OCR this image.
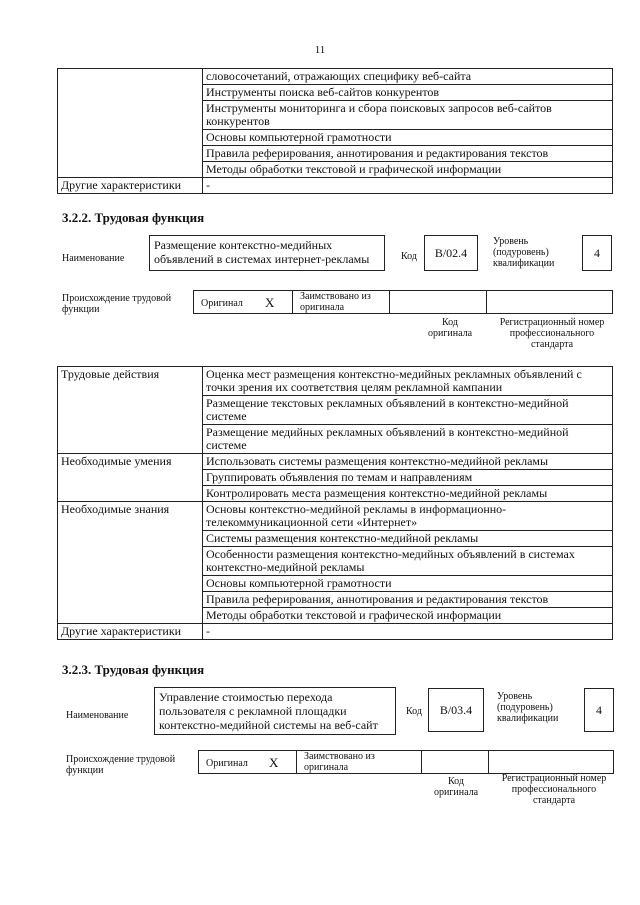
11
	словосочетаний, отражающих специфику веб-сайта
	Инструменты поиска веб-сайтов конкурентов
	Инструменты мониторинга и сбора поисковых запросов веб-сайтов конкурентов
	Основы компьютерной грамотности
	Правила реферирования, аннотирования и редактирования текстов
	Методы обработки текстовой и графической информации
Другие характеристики	-
3.2.2. Трудовая функция
Наименование
Размещение контекстно-медийных объявлений в системах интернет-рекламы	Код	B/02.4
Уровень (подуровень) квалификации
4
Происхождение трудовой функции
Оригинал X	Заимствовано из оригинала
Код оригинала
Регистрационный номер профессионального стандарта
Трудовые действия	Оценка мест размещения контекстно-медийных рекламных объявлений с точки зрения их соответствия целям рекламной кампании
	Размещение текстовых рекламных объявлений в контекстно-медийной системе
	Размещение медийных рекламных объявлений в контекстно-медийной системе
Необходимые умения	Использовать системы размещения контекстно-медийной рекламы
	Группировать объявления по темам и направлениям
	Контролировать места размещения контекстно-медийной рекламы
Необходимые знания	Основы контекстно-медийной рекламы в информационно-телекоммуникационной сети «Интернет»
	Системы размещения контекстно-медийной рекламы
	Особенности размещения контекстно-медийных объявлений в системах контекстно-медийной рекламы
	Основы компьютерной грамотности
	Правила реферирования, аннотирования и редактирования текстов
	Методы обработки текстовой и графической информации
Другие характеристики	-
3.2.3. Трудовая функция
Наименование
Управление стоимостью перехода пользователя с рекламной площадки контекстно-медийной системы на веб-сайт
Код	B/03.4
Уровень (подуровень) квалификации
4
Происхождение трудовой функции
Оригинал X	Заимствовано из оригинала
Код оригинала
Регистрационный номер профессионального стандарта
